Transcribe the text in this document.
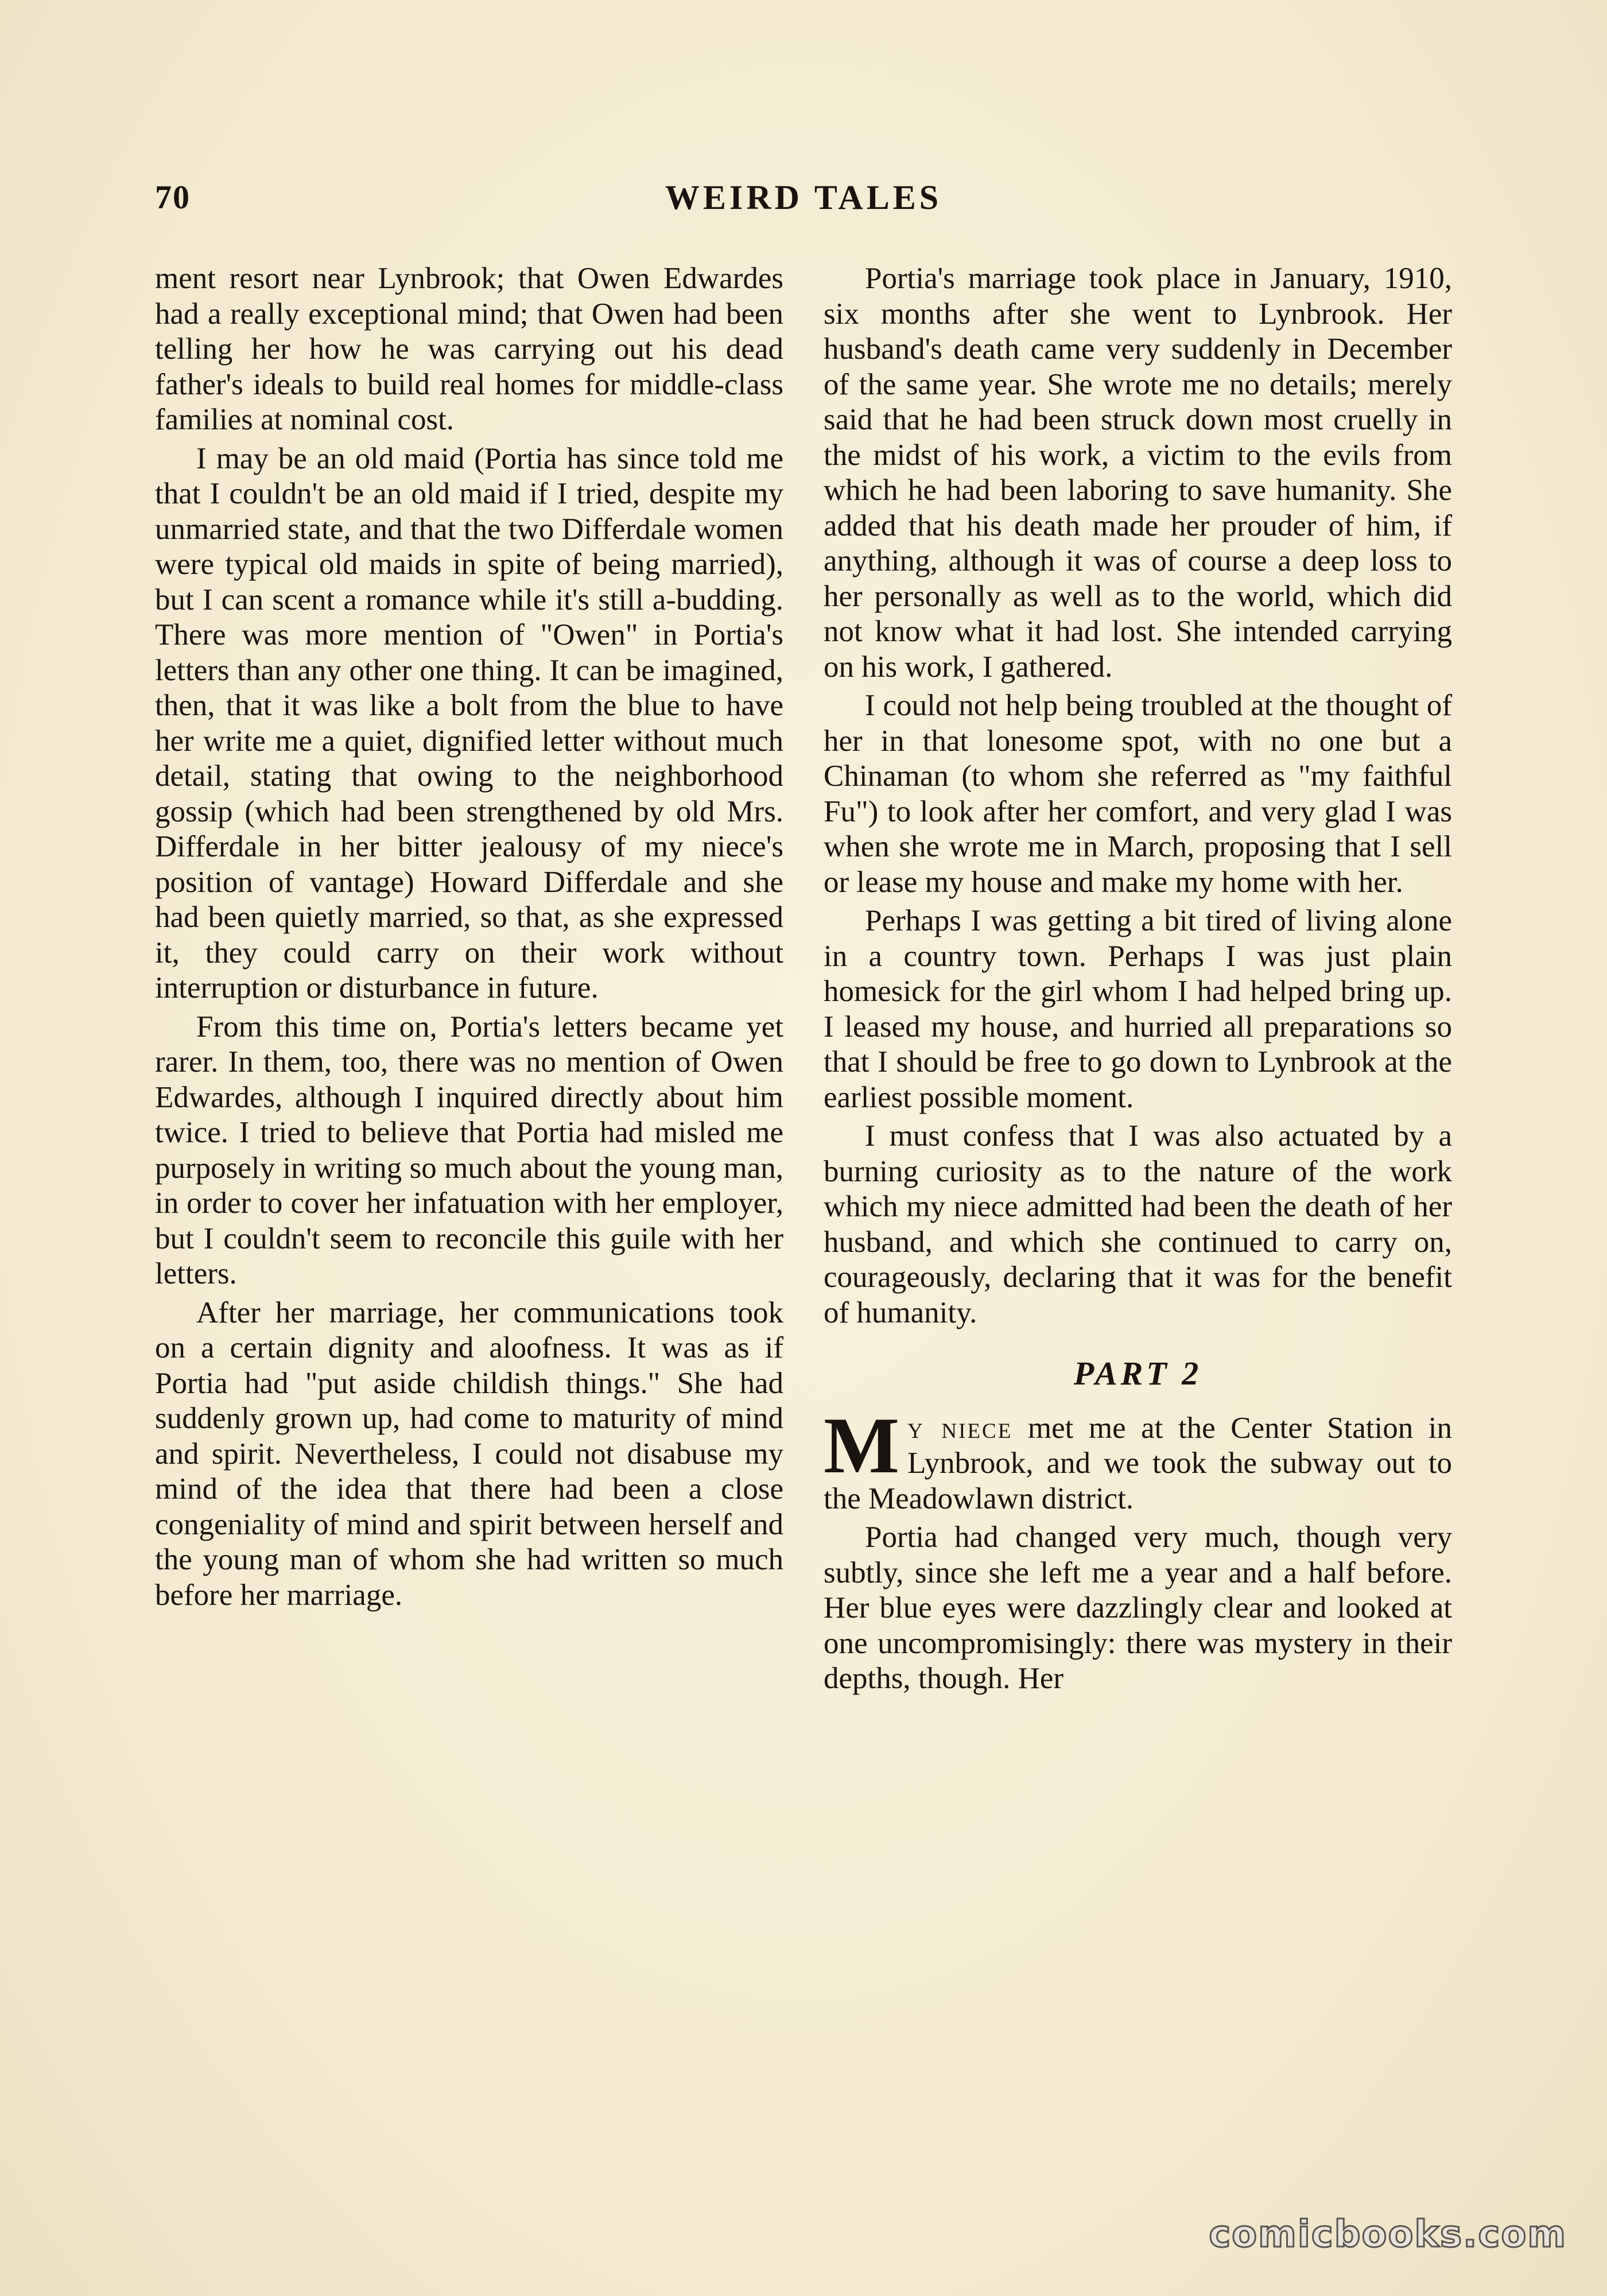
70	WEIRD TALES

ment resort near Lynbrook; that Owen Edwardes had a really exceptional mind; that Owen had been telling her how he was carrying out his dead father's ideals to build real homes for middle-class families at nominal cost.

I may be an old maid (Portia has since told me that I couldn't be an old maid if I tried, despite my unmarried state, and that the two Differdale women were typical old maids in spite of being married), but I can scent a romance while it's still a-budding. There was more mention of "Owen" in Portia's letters than any other one thing. It can be imagined, then, that it was like a bolt from the blue to have her write me a quiet, dignified letter without much detail, stating that owing to the neighborhood gossip (which had been strengthened by old Mrs. Differdale in her bitter jealousy of my niece's position of vantage) Howard Differdale and she had been quietly married, so that, as she expressed it, they could carry on their work without interruption or disturbance in future.

From this time on, Portia's letters became yet rarer. In them, too, there was no mention of Owen Edwardes, although I inquired directly about him twice. I tried to believe that Portia had misled me purposely in writing so much about the young man, in order to cover her infatuation with her employer, but I couldn't seem to reconcile this guile with her letters.

After her marriage, her communications took on a certain dignity and aloofness. It was as if Portia had "put aside childish things." She had suddenly grown up, had come to maturity of mind and spirit. Nevertheless, I could not disabuse my mind of the idea that there had been a close congeniality of mind and spirit between herself and the young man of whom she had written so much before her marriage.

Portia's marriage took place in January, 1910, six months after she went to Lynbrook. Her husband's death came very suddenly in December of the same year. She wrote me no details; merely said that he had been struck down most cruelly in the midst of his work, a victim to the evils from which he had been laboring to save humanity. She added that his death made her prouder of him, if anything, although it was of course a deep loss to her personally as well as to the world, which did not know what it had lost. She intended carrying on his work, I gathered.

I could not help being troubled at the thought of her in that lonesome spot, with no one but a Chinaman (to whom she referred as "my faithful Fu") to look after her comfort, and very glad I was when she wrote me in March, proposing that I sell or lease my house and make my home with her.

Perhaps I was getting a bit tired of living alone in a country town. Perhaps I was just plain homesick for the girl whom I had helped bring up. I leased my house, and hurried all preparations so that I should be free to go down to Lynbrook at the earliest possible moment.

I must confess that I was also actuated by a burning curiosity as to the nature of the work which my niece admitted had been the death of her husband, and which she continued to carry on, courageously, declaring that it was for the benefit of humanity.

PART 2

My niece met me at the Center Station in Lynbrook, and we took the subway out to the Meadowlawn district.

Portia had changed very much, though very subtly, since she left me a year and a half before. Her blue eyes were dazzlingly clear and looked at one uncompromisingly: there was mystery in their depths, though. Her

comicbooks.com
